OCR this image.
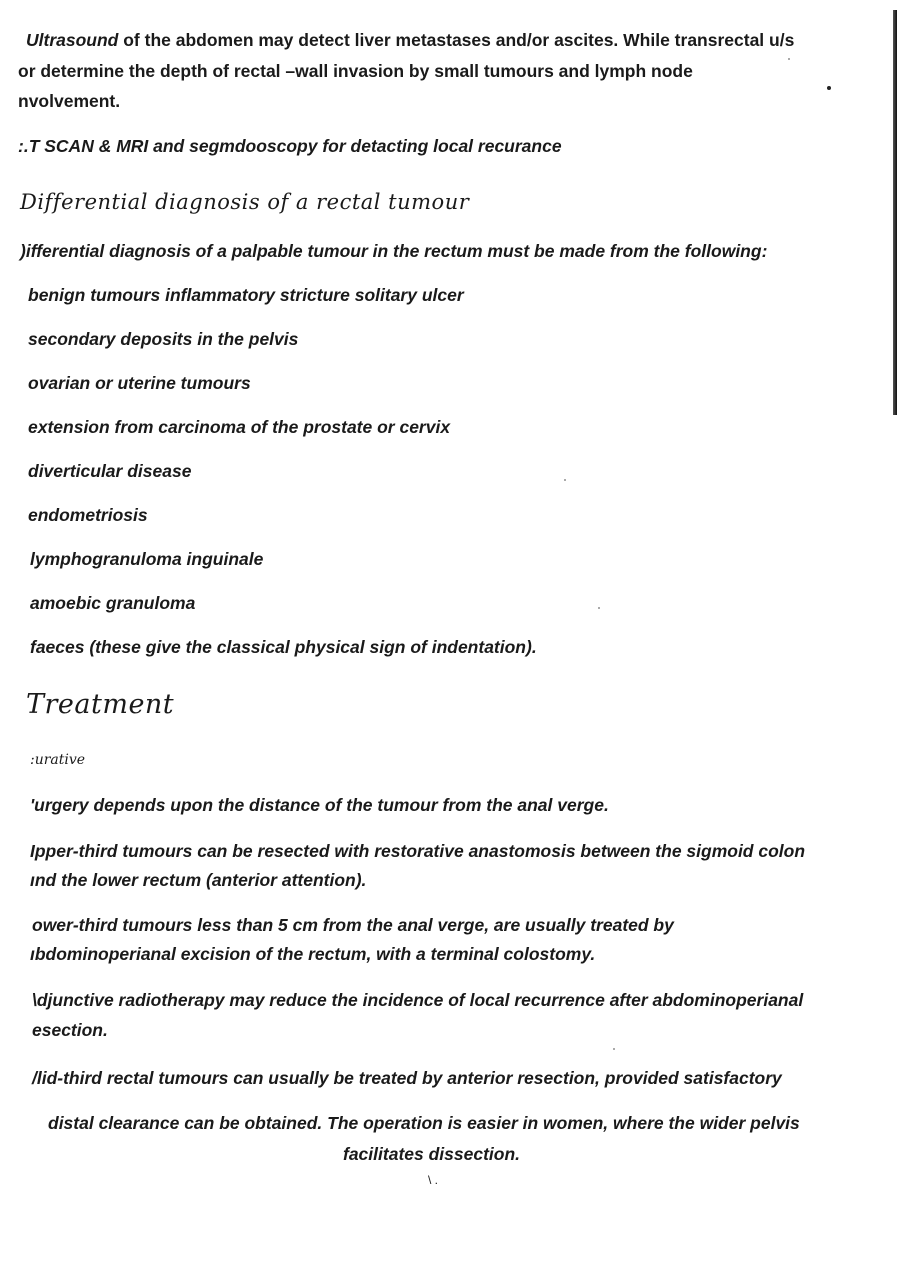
Ultrasound of the abdomen may detect liver metastases and/or ascites. While transrectal u/s
or determine the depth of rectal –wall invasion by small tumours and lymph node
nvolvement.
:.T SCAN & MRI and segmdooscopy for detacting local recurance
Differential diagnosis of a rectal tumour
)ifferential diagnosis of a palpable tumour in the rectum must be made from the following:
benign tumours inflammatory stricture solitary ulcer
secondary deposits in the pelvis
ovarian or uterine tumours
extension from carcinoma of the prostate or cervix
diverticular disease
endometriosis
lymphogranuloma inguinale
amoebic granuloma
faeces (these give the classical physical sign of indentation).
Treatment
:urative
'urgery depends upon the distance of the tumour from the anal verge.
Ipper-third tumours can be resected with restorative anastomosis between the sigmoid colon
ınd the lower rectum (anterior attention).
ower-third tumours less than 5 cm from the anal verge, are usually treated by
ıbdominoperianal excision of the rectum, with a terminal colostomy.
\djunctive radiotherapy may reduce the incidence of local recurrence after abdominoperianal
esection.
/lid-third rectal tumours can usually be treated by anterior resection, provided satisfactory
distal clearance can be obtained. The operation is easier in women, where the wider pelvis
facilitates dissection.
\ .
